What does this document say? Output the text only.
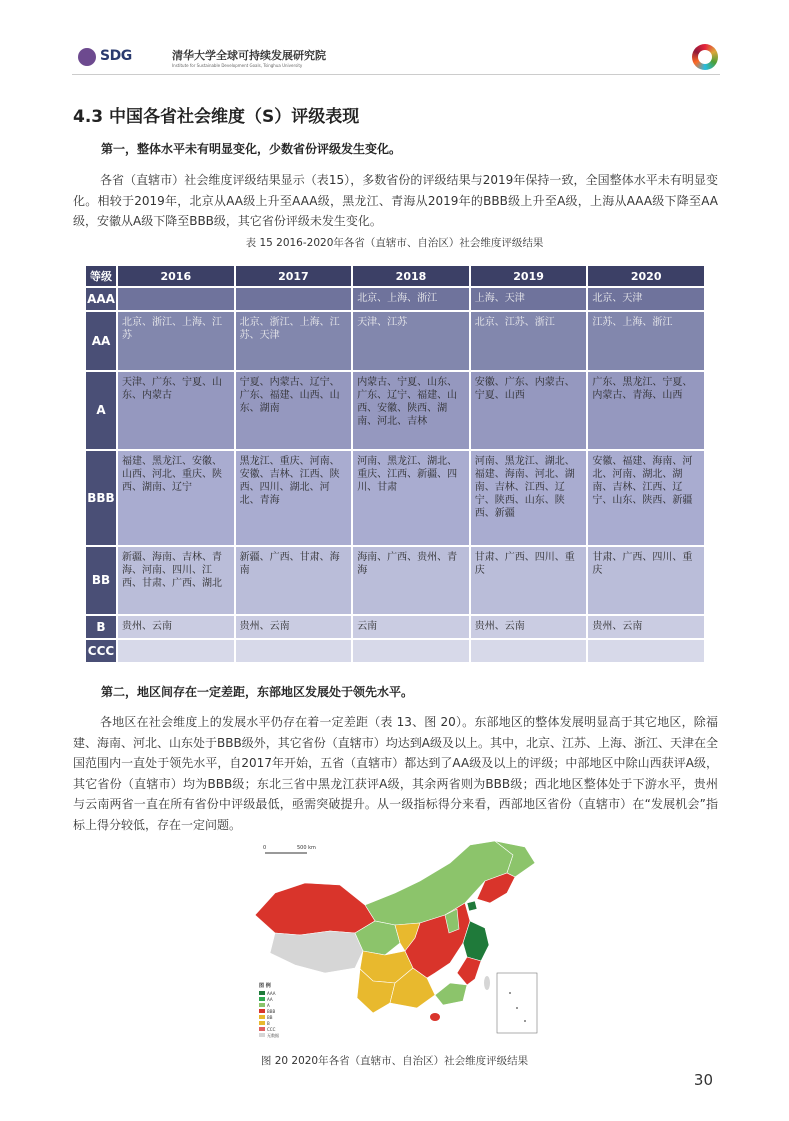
SDG	清华大学全球可持续发展研究院
Institute for Sustainable Development Goals, Tsinghua University
4.3 中国各省社会维度（S）评级表现

第一，整体水平未有明显变化，少数省份评级发生变化。

各省（直辖市）社会维度评级结果显示（表15），多数省份的评级结果与2019年保持一致，全国整体水平未有明显变化。相较于2019年，北京从AA级上升至AAA级，黑龙江、青海从2019年的BBB级上升至A级，上海从AAA级下降至AA级，安徽从A级下降至BBB级，其它省份评级未发生变化。

表 15 2016-2020年各省（直辖市、自治区）社会维度评级结果
等级	2016	2017	2018	2019	2020
AAA			北京、上海、浙江	上海、天津	北京、天津
AA	北京、浙江、上海、江苏	北京、浙江、上海、江苏、天津	天津、江苏	北京、江苏、浙江	江苏、上海、浙江
A	天津、广东、宁夏、山东、内蒙古	宁夏、内蒙古、辽宁、广东、福建、山西、山东、湖南	内蒙古、宁夏、山东、广东、辽宁、福建、山西、安徽、陕西、湖南、河北、吉林	安徽、广东、内蒙古、宁夏、山西	广东、黑龙江、宁夏、内蒙古、青海、山西
BBB	福建、黑龙江、安徽、山西、河北、重庆、陕西、湖南、辽宁	黑龙江、重庆、河南、安徽、吉林、江西、陕西、四川、湖北、河北、青海	河南、黑龙江、湖北、重庆、江西、新疆、四川、甘肃	河南、黑龙江、湖北、福建、海南、河北、湖南、吉林、江西、辽宁、陕西、山东、陕西、新疆	安徽、福建、海南、河北、河南、湖北、湖南、吉林、江西、辽宁、山东、陕西、新疆
BB	新疆、海南、吉林、青海、河南、四川、江西、甘肃、广西、湖北	新疆、广西、甘肃、海南	海南、广西、贵州、青海	甘肃、广西、四川、重庆	甘肃、广西、四川、重庆
B	贵州、云南	贵州、云南	云南	贵州、云南	贵州、云南
CCC					

第二，地区间存在一定差距，东部地区发展处于领先水平。

各地区在社会维度上的发展水平仍存在着一定差距（表 13、图 20）。东部地区的整体发展明显高于其它地区，除福建、海南、河北、山东处于BBB级外，其它省份（直辖市）均达到A级及以上。其中，北京、江苏、上海、浙江、天津在全国范围内一直处于领先水平，自2017年开始，五省（直辖市）都达到了AA级及以上的评级；中部地区中除山西获评A级，其它省份（直辖市）均为BBB级；东北三省中黑龙江获评A级，其余两省则为BBB级；西北地区整体处于下游水平，贵州与云南两省一直在所有省份中评级最低，亟需突破提升。从一级指标得分来看，西部地区省份（直辖市）在“发展机会”指标上得分较低，存在一定问题。

0	500 km
图 例
AAA
AA
A
BBB
BB
B
CCC
无数据
图 20 2020年各省（直辖市、自治区）社会维度评级结果
30
